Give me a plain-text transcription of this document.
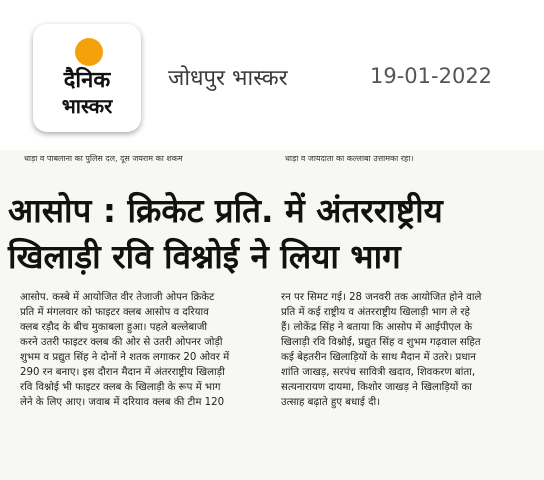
दैनिक
भास्कर
जोधपुर भास्कर	19-01-2022
धाड़ा व पाबलाना का पुलिस दल, दूस जयराम का शकम	धाड़ा व जायदाता का कल्लाबा उत्तामका रहा।
आसोप : क्रिकेट प्रति. में अंतरराष्ट्रीय
खिलाड़ी रवि विश्नोई ने लिया भाग
आसोप. कस्बे में आयोजित वीर तेजाजी ओपन क्रिकेट
प्रति में मंगलवार को फाइटर क्लब आसोप व दरियाव
क्लब रड़ौद के बीच मुकाबला हुआ। पहले बल्लेबाजी
करने उतरी फाइटर क्लब की ओर से उतरी ओपनर जोड़ी
शुभम व प्रद्युत सिंह ने दोनों ने शतक लगाकर 20 ओवर में
290 रन बनाए। इस दौरान मैदान में अंतरराष्ट्रीय खिलाड़ी
रवि विश्नोई भी फाइटर क्लब के खिलाड़ी के रूप में भाग
लेने के लिए आए। जवाब में दरियाव क्लब की टीम 120
रन पर सिमट गई। 28 जनवरी तक आयोजित होने वाले
प्रति में कई राष्ट्रीय व अंतरराष्ट्रीय खिलाड़ी भाग ले रहे
हैं। लोकेंद्र सिंह ने बताया कि आसोप में आईपीएल के
खिलाड़ी रवि विश्नोई, प्रद्युत सिंह व शुभम गढ़वाल सहित
कई बेहतरीन खिलाड़ियों के साथ मैदान में उतरे। प्रधान
शांति जाखड़, सरपंच सावित्री खदाव, शिवकरण बांता,
सत्यनारायण दायमा, किशोर जाखड़ ने खिलाड़ियों का
उत्साह बढ़ाते हुए बधाई दी।
